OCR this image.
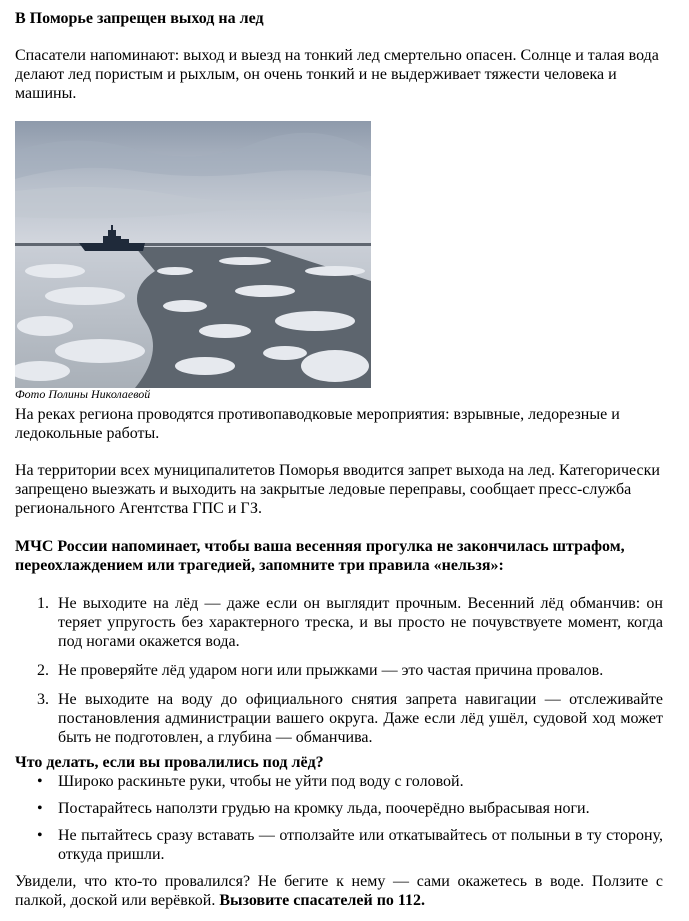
В Поморье запрещен выход на лед

Спасатели напоминают: выход и выезд на тонкий лед смертельно опасен. Солнце и талая вода делают лед пористым и рыхлым, он очень тонкий и не выдерживает тяжести человека и машины.

Фото Полины Николаевой

На реках региона проводятся противопаводковые мероприятия: взрывные, ледорезные и ледокольные работы.

На территории всех муниципалитетов Поморья вводится запрет выхода на лед. Категорически запрещено выезжать и выходить на закрытые ледовые переправы, сообщает пресс-служба регионального Агентства ГПС и ГЗ.

МЧС России напоминает, чтобы ваша весенняя прогулка не закончилась штрафом, переохлаждением или трагедией, запомните три правила «нельзя»:

1. Не выходите на лёд — даже если он выглядит прочным. Весенний лёд обманчив: он теряет упругость без характерного треска, и вы просто не почувствуете момент, когда под ногами окажется вода.
2. Не проверяйте лёд ударом ноги или прыжками — это частая причина провалов.
3. Не выходите на воду до официального снятия запрета навигации — отслеживайте постановления администрации вашего округа. Даже если лёд ушёл, судовой ход может быть не подготовлен, а глубина — обманчива.

Что делать, если вы провалились под лёд?

• Широко раскиньте руки, чтобы не уйти под воду с головой.
• Постарайтесь наползти грудью на кромку льда, поочерёдно выбрасывая ноги.
• Не пытайтесь сразу вставать — отползайте или откатывайтесь от полыньи в ту сторону, откуда пришли.

Увидели, что кто-то провалился? Не бегите к нему — сами окажетесь в воде. Ползите с палкой, доской или верёвкой. Вызовите спасателей по 112.
